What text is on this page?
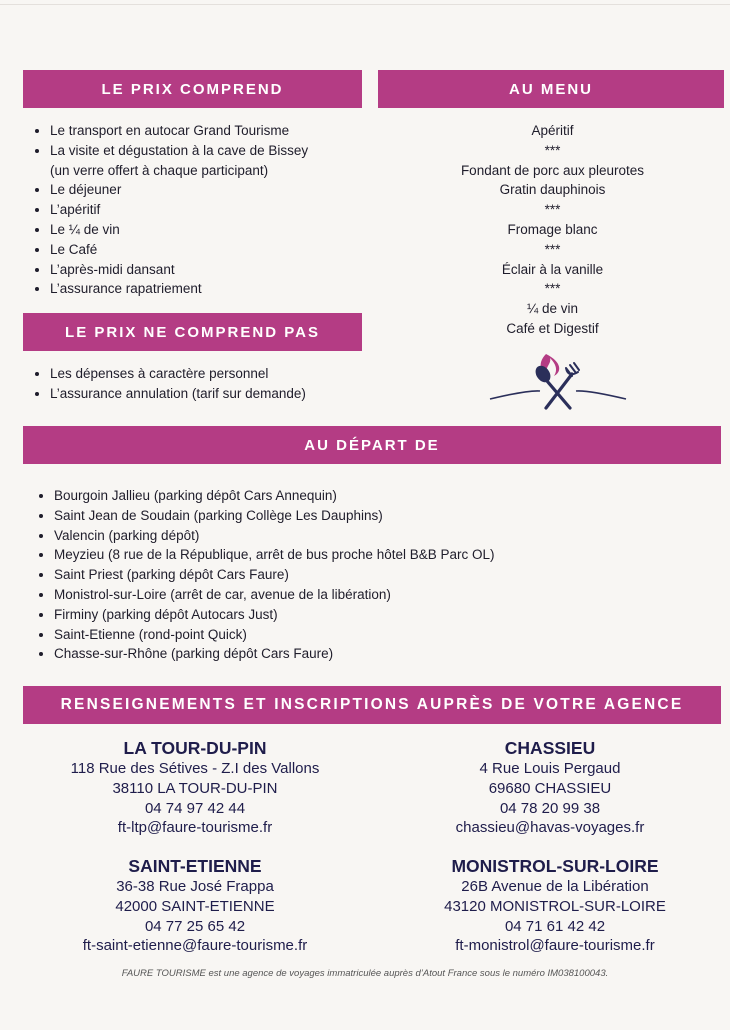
LE PRIX COMPREND
• Le transport en autocar Grand Tourisme
• La visite et dégustation à la cave de Bissey
(un verre offert à chaque participant)
• Le déjeuner
• L’apéritif
• Le ¼ de vin
• Le Café
• L’après-midi dansant
• L’assurance rapatriement
AU MENU
Apéritif
***
Fondant de porc aux pleurotes
Gratin dauphinois
***
Fromage blanc
***
Éclair à la vanille
***
¼ de vin
Café et Digestif
LE PRIX NE COMPREND PAS
• Les dépenses à caractère personnel
• L’assurance annulation (tarif sur demande)
AU DÉPART DE
• Bourgoin Jallieu (parking dépôt Cars Annequin)
• Saint Jean de Soudain (parking Collège Les Dauphins)
• Valencin (parking dépôt)
• Meyzieu (8 rue de la République, arrêt de bus proche hôtel B&B Parc OL)
• Saint Priest (parking dépôt Cars Faure)
• Monistrol-sur-Loire (arrêt de car, avenue de la libération)
• Firminy (parking dépôt Autocars Just)
• Saint-Etienne (rond-point Quick)
• Chasse-sur-Rhône (parking dépôt Cars Faure)
RENSEIGNEMENTS ET INSCRIPTIONS AUPRÈS DE VOTRE AGENCE
LA TOUR-DU-PIN
118 Rue des Sétives - Z.I des Vallons
38110 LA TOUR-DU-PIN
04 74 97 42 44
ft-ltp@faure-tourisme.fr
CHASSIEU
4 Rue Louis Pergaud
69680 CHASSIEU
04 78 20 99 38
chassieu@havas-voyages.fr
SAINT-ETIENNE
36-38 Rue José Frappa
42000 SAINT-ETIENNE
04 77 25 65 42
ft-saint-etienne@faure-tourisme.fr
MONISTROL-SUR-LOIRE
26B Avenue de la Libération
43120 MONISTROL-SUR-LOIRE
04 71 61 42 42
ft-monistrol@faure-tourisme.fr
FAURE TOURISME est une agence de voyages immatriculée auprès d’Atout France sous le numéro IM038100043.
